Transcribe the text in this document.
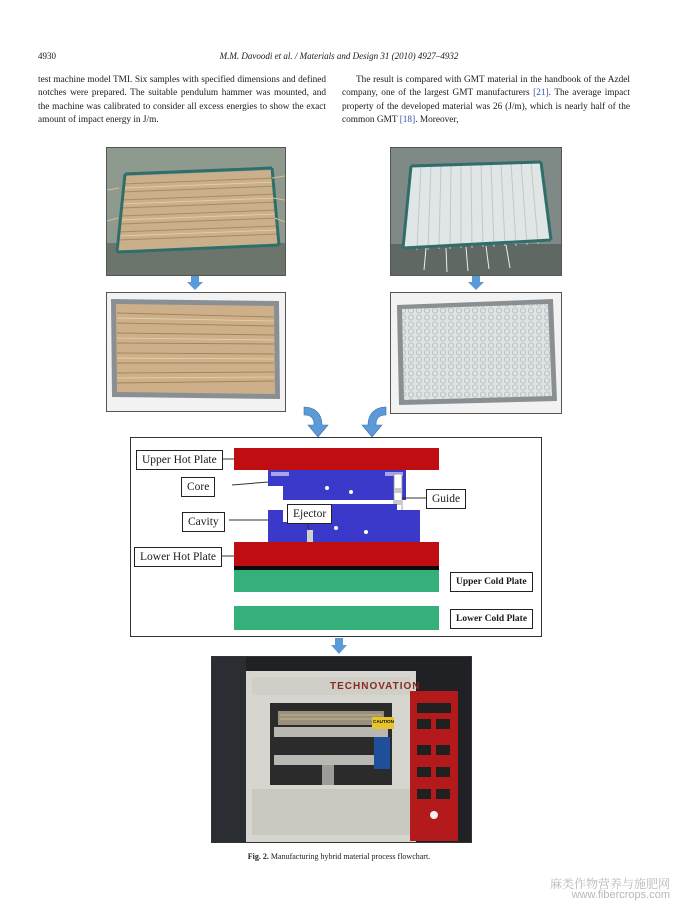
4930	M.M. Davoodi et al. / Materials and Design 31 (2010) 4927–4932

test machine model TMI. Six samples with specified dimensions and defined notches were prepared. The suitable pendulum hammer was mounted, and the machine was calibrated to consider all excess energies to show the exact amount of impact energy in J/m.

The result is compared with GMT material in the handbook of the Azdel company, one of the largest GMT manufacturers [21]. The average impact property of the developed material was 26 (J/m), which is nearly half of the common GMT [18]. Moreover,

Upper Hot Plate
Core
Guide
Cavity
Ejector
Lower Hot Plate
Upper Cold Plate
Lower Cold Plate
TECHNOVATION
CAUTION
Fig. 2. Manufacturing hybrid material process flowchart.
麻类作物营养与施肥网
www.fibercrops.com
